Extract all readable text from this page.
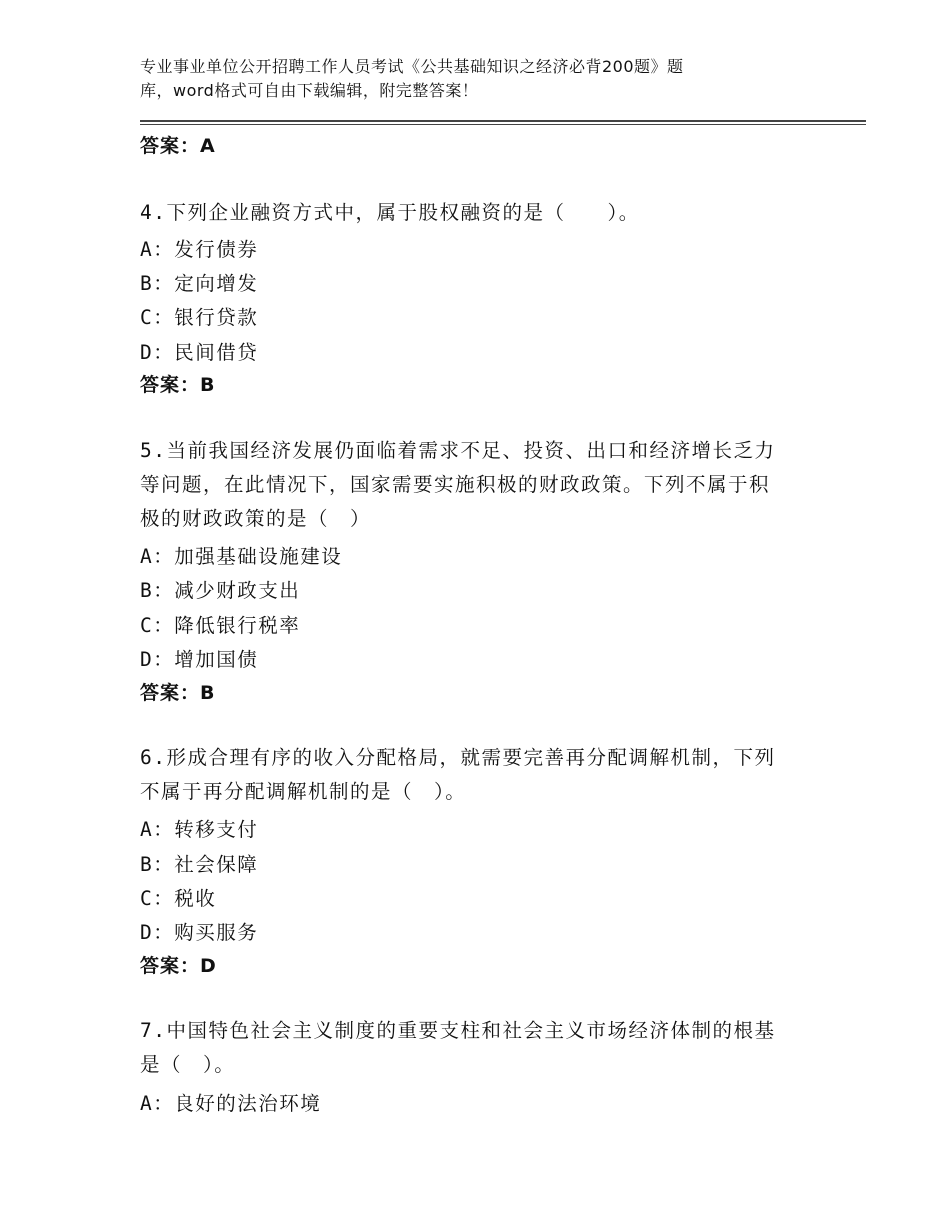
专业事业单位公开招聘工作人员考试《公共基础知识之经济必背200题》题
库，word格式可自由下载编辑，附完整答案！
答案：A
4.下列企业融资方式中，属于股权融资的是（　　）。
A：发行债券
B：定向增发
C：银行贷款
D：民间借贷
答案：B
5.当前我国经济发展仍面临着需求不足、投资、出口和经济增长乏力
等问题，在此情况下，国家需要实施积极的财政政策。下列不属于积
极的财政政策的是（　）
A：加强基础设施建设
B：减少财政支出
C：降低银行税率
D：增加国债
答案：B
6.形成合理有序的收入分配格局，就需要完善再分配调解机制，下列
不属于再分配调解机制的是（　）。
A：转移支付
B：社会保障
C：税收
D：购买服务
答案：D
7.中国特色社会主义制度的重要支柱和社会主义市场经济体制的根基
是（　）。
A：良好的法治环境
